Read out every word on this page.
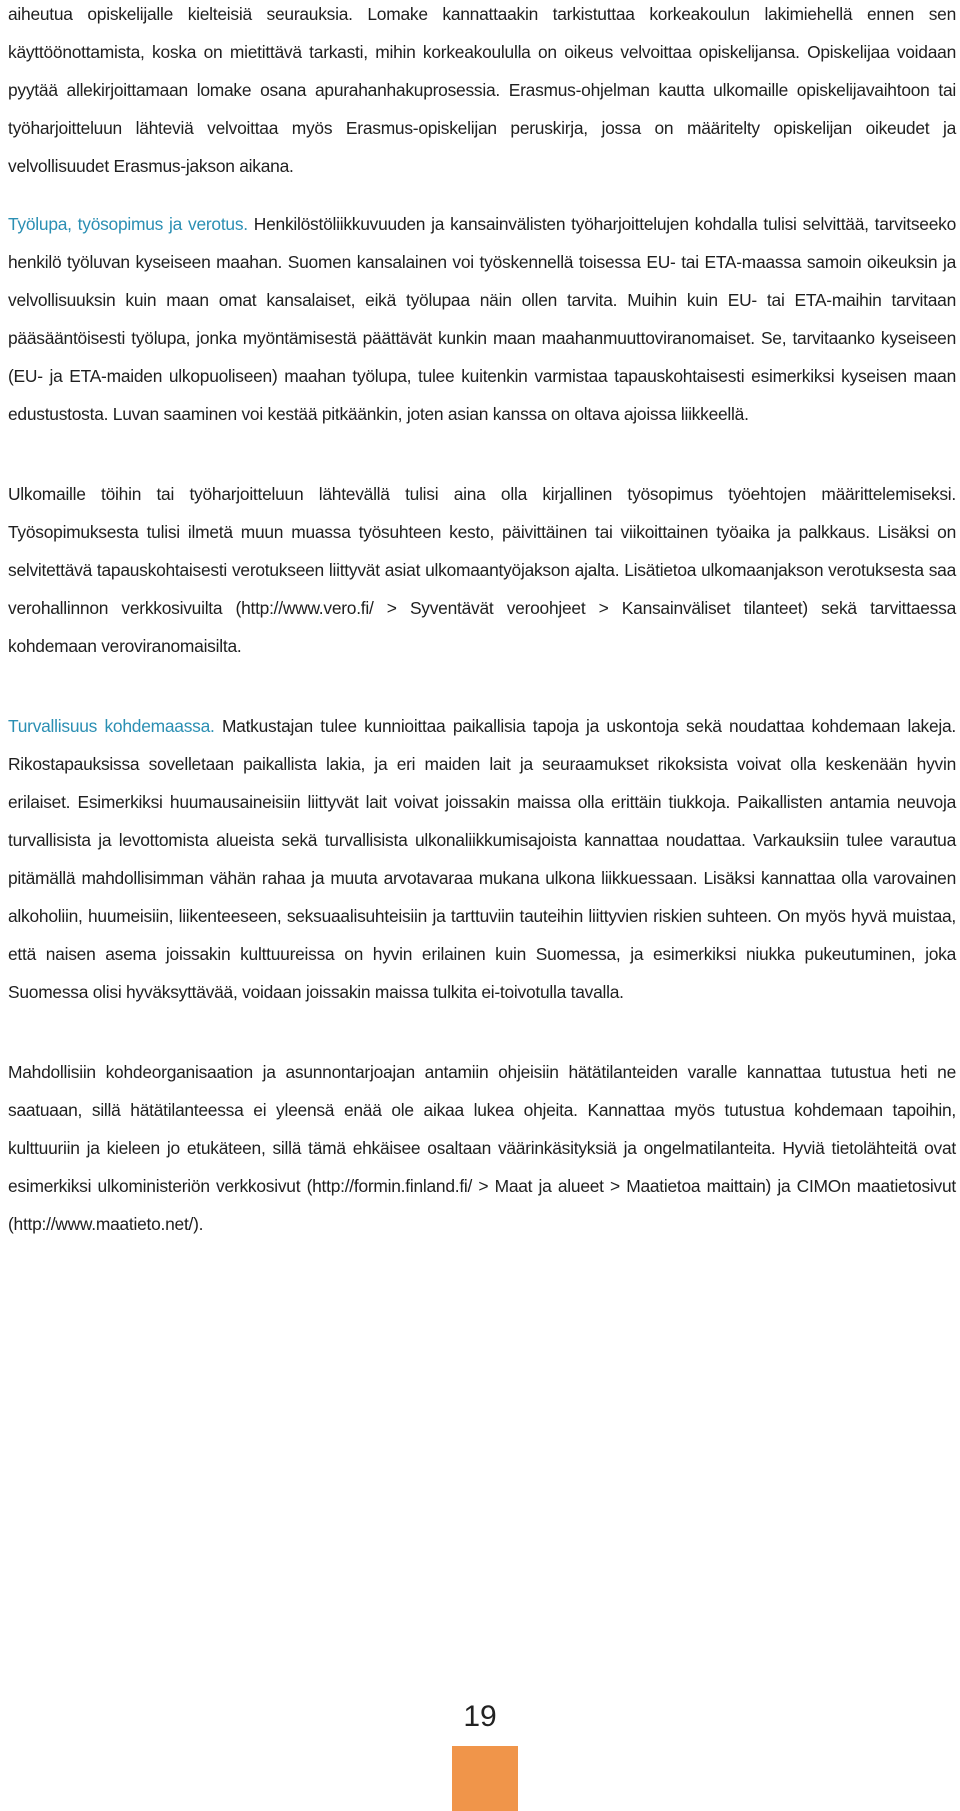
aiheutua opiskelijalle kielteisiä seurauksia. Lomake kannattaakin tarkistuttaa korkeakoulun lakimiehellä ennen sen käyttöönottamista, koska on mietittävä tarkasti, mihin korkeakoululla on oikeus velvoittaa opiskelijansa. Opiskelijaa voidaan pyytää allekirjoittamaan lomake osana apurahanhakuprosessia. Erasmus-ohjelman kautta ulkomaille opiskelijavaihtoon tai työharjoitteluun lähteviä velvoittaa myös Erasmus-opiskelijan peruskirja, jossa on määritelty opiskelijan oikeudet ja velvollisuudet Erasmus-jakson aikana.

Työlupa, työsopimus ja verotus. Henkilöstöliikkuvuuden ja kansainvälisten työharjoittelujen kohdalla tulisi selvittää, tarvitseeko henkilö työluvan kyseiseen maahan. Suomen kansalainen voi työskennellä toisessa EU- tai ETA-maassa samoin oikeuksin ja velvollisuuksin kuin maan omat kansalaiset, eikä työlupaa näin ollen tarvita. Muihin kuin EU- tai ETA-maihin tarvitaan pääsääntöisesti työlupa, jonka myöntämisestä päättävät kunkin maan maahanmuuttoviranomaiset. Se, tarvitaanko kyseiseen (EU- ja ETA-maiden ulkopuoliseen) maahan työlupa, tulee kuitenkin varmistaa tapauskohtaisesti esimerkiksi kyseisen maan edustustosta. Luvan saaminen voi kestää pitkäänkin, joten asian kanssa on oltava ajoissa liikkeellä.

Ulkomaille töihin tai työharjoitteluun lähtevällä tulisi aina olla kirjallinen työsopimus työehtojen määrittelemiseksi. Työsopimuksesta tulisi ilmetä muun muassa työsuhteen kesto, päivittäinen tai viikoittainen työaika ja palkkaus. Lisäksi on selvitettävä tapauskohtaisesti verotukseen liittyvät asiat ulkomaantyöjakson ajalta. Lisätietoa ulkomaanjakson verotuksesta saa verohallinnon verkkosivuilta (http://www.vero.fi/ > Syventävät veroohjeet > Kansainväliset tilanteet) sekä tarvittaessa kohdemaan veroviranomaisilta.

Turvallisuus kohdemaassa. Matkustajan tulee kunnioittaa paikallisia tapoja ja uskontoja sekä noudattaa kohdemaan lakeja. Rikostapauksissa sovelletaan paikallista lakia, ja eri maiden lait ja seuraamukset rikoksista voivat olla keskenään hyvin erilaiset. Esimerkiksi huumausaineisiin liittyvät lait voivat joissakin maissa olla erittäin tiukkoja. Paikallisten antamia neuvoja turvallisista ja levottomista alueista sekä turvallisista ulkonaliikkumisajoista kannattaa noudattaa. Varkauksiin tulee varautua pitämällä mahdollisimman vähän rahaa ja muuta arvotavaraa mukana ulkona liikkuessaan. Lisäksi kannattaa olla varovainen alkoholiin, huumeisiin, liikenteeseen, seksuaalisuhteisiin ja tarttuviin tauteihin liittyvien riskien suhteen. On myös hyvä muistaa, että naisen asema joissakin kulttuureissa on hyvin erilainen kuin Suomessa, ja esimerkiksi niukka pukeutuminen, joka Suomessa olisi hyväksyttävää, voidaan joissakin maissa tulkita ei-toivotulla tavalla.

Mahdollisiin kohdeorganisaation ja asunnontarjoajan antamiin ohjeisiin hätätilanteiden varalle kannattaa tutustua heti ne saatuaan, sillä hätätilanteessa ei yleensä enää ole aikaa lukea ohjeita. Kannattaa myös tutustua kohdemaan tapoihin, kulttuuriin ja kieleen jo etukäteen, sillä tämä ehkäisee osaltaan väärinkäsityksiä ja ongelmatilanteita. Hyviä tietolähteitä ovat esimerkiksi ulkoministeriön verkkosivut (http://formin.finland.fi/ > Maat ja alueet > Maatietoa maittain) ja CIMOn maatietosivut (http://www.maatieto.net/).

19
